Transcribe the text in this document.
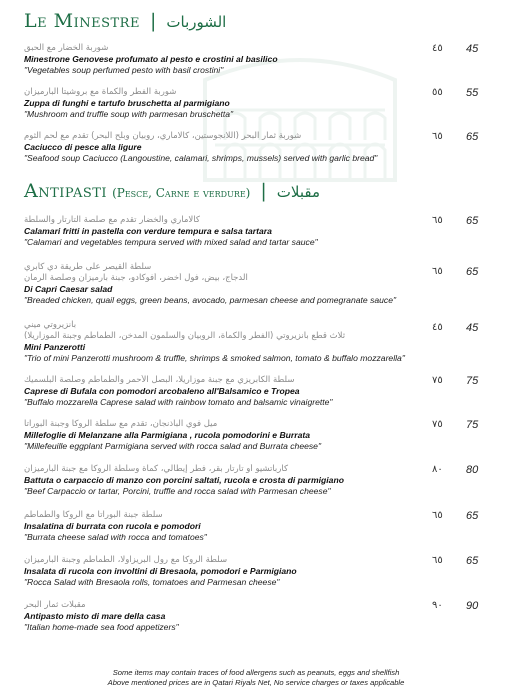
Le Minestre | الشوربات
شوربة الخضار مع الحبق
Minestrone Genovese profumato al pesto e crostini al basilico
"Vegetables soup perfumed pesto with basil crostini"
٤٥ 45
شوربة الفطر والكمأة مع بروشيتا البارميزان
Zuppa di funghi e tartufo bruschetta al parmigiano
"Mushroom and truffle soup with parmesan bruschetta"
٥٥ 55
شوربة ثمار البحر (اللانجوستين، كالاماري، روبيان وبلح البحر) تقدم مع لحم الثوم
Caciucco di pesce alla ligure
"Seafood soup Caciucco (Langoustine, calamari, shrimps, mussels) served with garlic bread"
٦٥ 65
Antipasti (Pesce, Carne e verdure) | مقبلات
كالاماري والخضار تقدم مع صلصة التارتار والسلطة
Calamari fritti in pastella con verdure tempura e salsa tartara
"Calamari and vegetables tempura served with mixed salad and tartar sauce"
٦٥ 65
سلطة القيصر على طريقة دي كابري
الدجاج، بيض، فول أخضر، أفوكادو، جبنة بارميزان وصلصة الرمان
Di Capri Caesar salad
"Breaded chicken, quail eggs, green beans, avocado, parmesan cheese and pomegranate sauce"
٦٥ 65
بانزيروتي ميني
ثلاث قطع بانزيروتي (الفطر والكمأة، الروبيان والسلمون المدخن، الطماطم وجبنة الموزاريلا)
Mini Panzerotti
"Trio of mini Panzerotti mushroom & truffle, shrimps & smoked salmon, tomato & buffalo mozzarella"
٤٥ 45
سلطة الكابريزي مع جبنة موزاريلا، البصل الأحمر والطماطم وصلصة البلسميك
Caprese di Bufala con pomodori arcobaleno all'Balsamico e Tropea
"Buffalo mozzarella Caprese salad with rainbow tomato and balsamic vinaigrette"
٧٥ 75
ميل فوي الباذنجان، تقدم مع سلطة الروكا وجبنة البوراتا
Millefoglie di Melanzane alla Parmigiana , rucola pomodorini e Burrata
"Millefeuille eggplant Parmigiana served with rocca salad and Burrata cheese"
٧٥ 75
كارباتشيو أو تارتار بقر، فطر إيطالي، كمأة وسلطة الروكا مع جبنة البارميزان
Battuta o carpaccio di manzo con porcini saltati, rucola e crosta di parmigiano
"Beef Carpaccio or tartar, Porcini, truffle and rocca salad with Parmesan cheese"
٨٠ 80
سلطة جبنة البوراتا مع الروكا والطماطم
Insalatina di burrata con rucola e pomodori
"Burrata cheese salad with rocca and tomatoes"
٦٥ 65
سلطة الروكا مع رول البريزاولا، الطماطم وجبنة البارميزان
Insalata di rucola con involtini di Bresaola, pomodori e Parmigiano
"Rocca Salad with Bresaola rolls, tomatoes and Parmesan cheese"
٦٥ 65
مقبلات ثمار البحر
Antipasto misto di mare della casa
"Italian home-made sea food appetizers"
٩٠ 90
Some items may contain traces of food allergens such as peanuts, eggs and shellfish
Above mentioned prices are in Qatari Riyals Net, No service charges or taxes applicable
